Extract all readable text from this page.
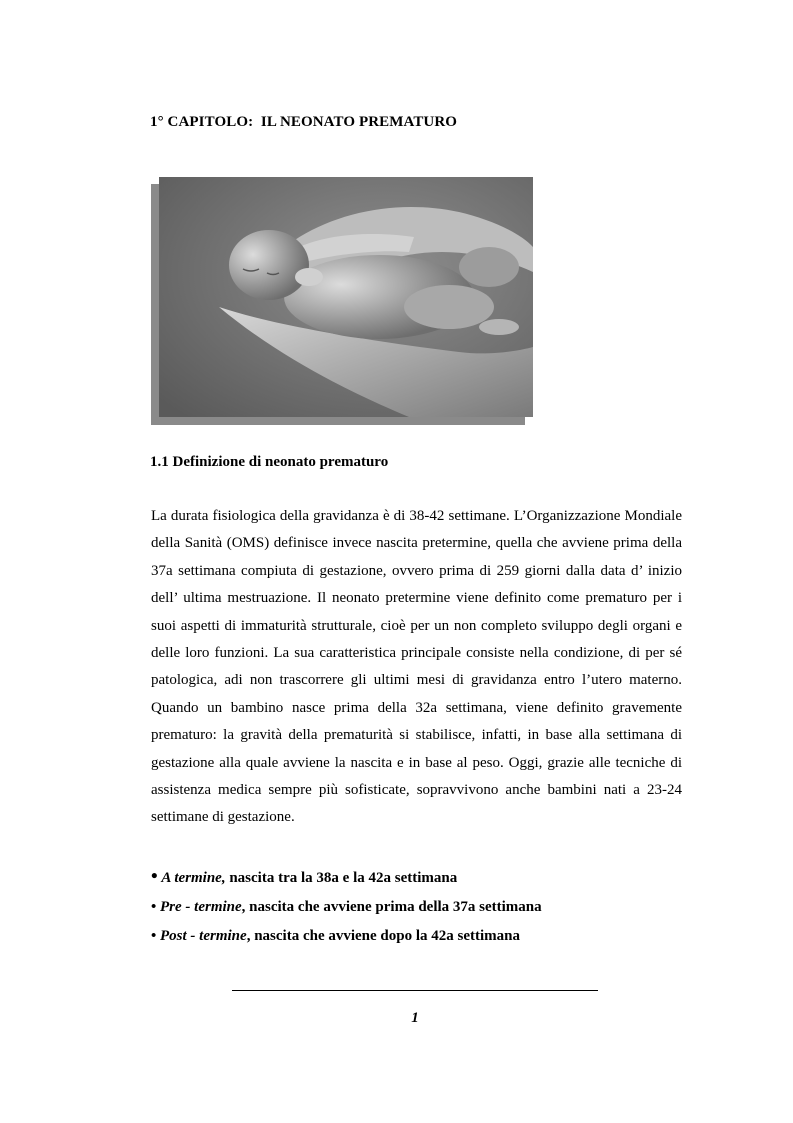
1° CAPITOLO:  IL NEONATO PREMATURO
1.1 Definizione di neonato prematuro

La durata fisiologica della gravidanza è di 38-42 settimane. L’Organizzazione Mondiale della Sanità (OMS) definisce invece nascita pretermine, quella che avviene prima della 37a settimana compiuta di gestazione, ovvero prima di 259 giorni dalla data d’ inizio dell’ ultima mestruazione. Il neonato pretermine viene definito come prematuro per i suoi aspetti di immaturità strutturale, cioè per un non completo sviluppo degli organi e delle loro funzioni. La sua caratteristica principale consiste nella condizione, di per sé patologica, adi non trascorrere gli ultimi mesi di gravidanza entro l’utero materno. Quando un bambino nasce prima della 32a settimana, viene definito gravemente prematuro: la gravità della prematurità si stabilisce, infatti, in base alla settimana di gestazione alla quale avviene la nascita e in base al peso. Oggi, grazie alle tecniche di assistenza medica sempre più sofisticate, sopravvivono anche bambini nati a 23-24 settimane di gestazione.

• A termine, nascita tra la 38a e la 42a settimana
• Pre - termine, nascita che avviene prima della 37a settimana
• Post - termine, nascita che avviene dopo la 42a settimana
1
